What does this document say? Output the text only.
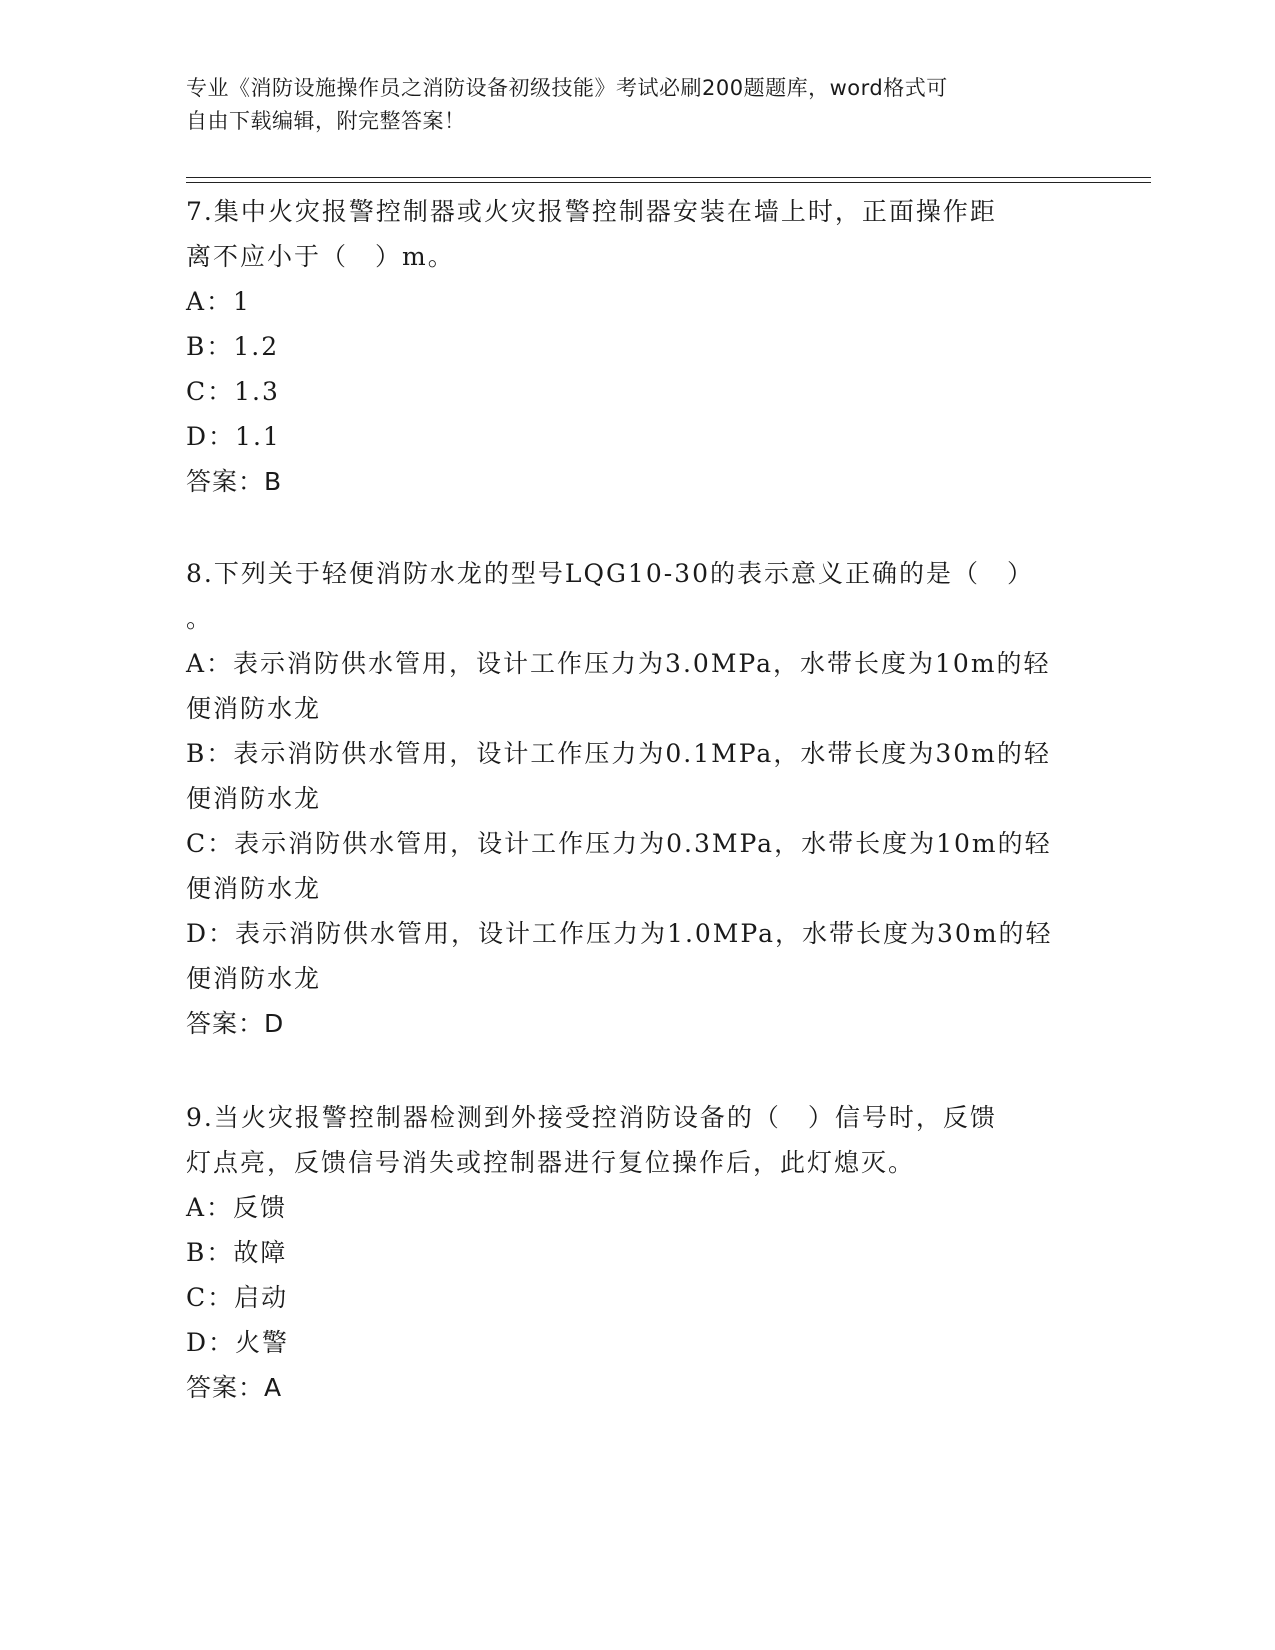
专业《消防设施操作员之消防设备初级技能》考试必刷200题题库，word格式可
自由下载编辑，附完整答案！

7.集中火灾报警控制器或火灾报警控制器安装在墙上时，正面操作距

离不应小于（　）m。

A：1

B：1.2

C：1.3

D：1.1

答案：B

8.下列关于轻便消防水龙的型号LQG10-30的表示意义正确的是（　）

。

A：表示消防供水管用，设计工作压力为3.0MPa，水带长度为10m的轻

便消防水龙

B：表示消防供水管用，设计工作压力为0.1MPa，水带长度为30m的轻

便消防水龙

C：表示消防供水管用，设计工作压力为0.3MPa，水带长度为10m的轻

便消防水龙

D：表示消防供水管用，设计工作压力为1.0MPa，水带长度为30m的轻

便消防水龙

答案：D

9.当火灾报警控制器检测到外接受控消防设备的（　）信号时，反馈

灯点亮，反馈信号消失或控制器进行复位操作后，此灯熄灭。

A：反馈

B：故障

C：启动

D：火警

答案：A
